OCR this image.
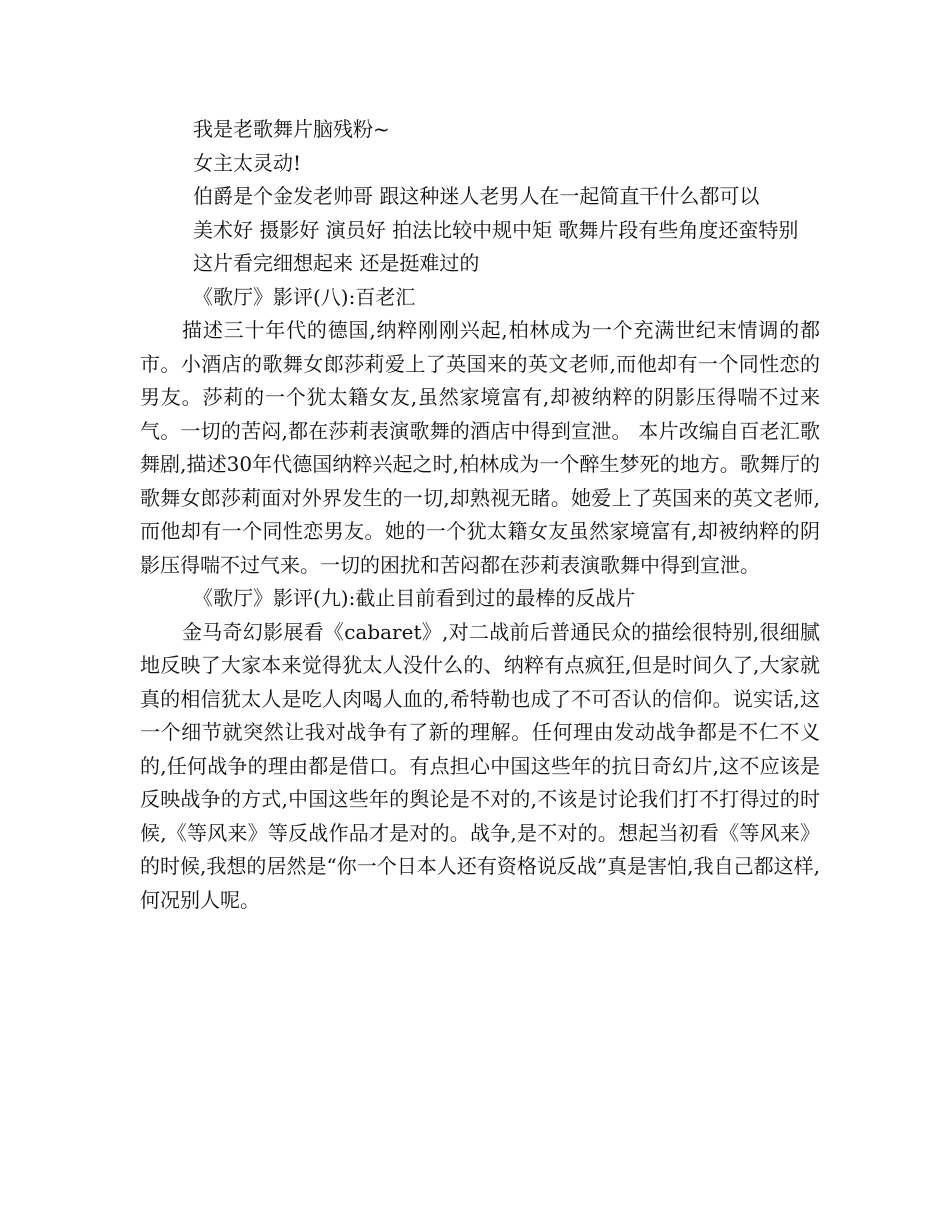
我是老歌舞片脑残粉~

女主太灵动!

伯爵是个金发老帅哥 跟这种迷人老男人在一起简直干什么都可以

美术好 摄影好 演员好 拍法比较中规中矩 歌舞片段有些角度还蛮特别

这片看完细想起来 还是挺难过的

《歌厅》影评(八):百老汇

描述三十年代的德国,纳粹刚刚兴起,柏林成为一个充满世纪末情调的都市。小酒店的歌舞女郎莎莉爱上了英国来的英文老师,而他却有一个同性恋的男友。莎莉的一个犹太籍女友,虽然家境富有,却被纳粹的阴影压得喘不过来气。一切的苦闷,都在莎莉表演歌舞的酒店中得到宣泄。 本片改编自百老汇歌舞剧,描述30年代德国纳粹兴起之时,柏林成为一个醉生梦死的地方。歌舞厅的歌舞女郎莎莉面对外界发生的一切,却熟视无睹。她爱上了英国来的英文老师,而他却有一个同性恋男友。她的一个犹太籍女友虽然家境富有,却被纳粹的阴影压得喘不过气来。一切的困扰和苦闷都在莎莉表演歌舞中得到宣泄。

《歌厅》影评(九):截止目前看到过的最棒的反战片

金马奇幻影展看《cabaret》,对二战前后普通民众的描绘很特别,很细腻地反映了大家本来觉得犹太人没什么的、纳粹有点疯狂,但是时间久了,大家就真的相信犹太人是吃人肉喝人血的,希特勒也成了不可否认的信仰。说实话,这一个细节就突然让我对战争有了新的理解。任何理由发动战争都是不仁不义的,任何战争的理由都是借口。有点担心中国这些年的抗日奇幻片,这不应该是反映战争的方式,中国这些年的舆论是不对的,不该是讨论我们打不打得过的时候,《等风来》等反战作品才是对的。战争,是不对的。想起当初看《等风来》的时候,我想的居然是“你一个日本人还有资格说反战”真是害怕,我自己都这样,何况别人呢。
